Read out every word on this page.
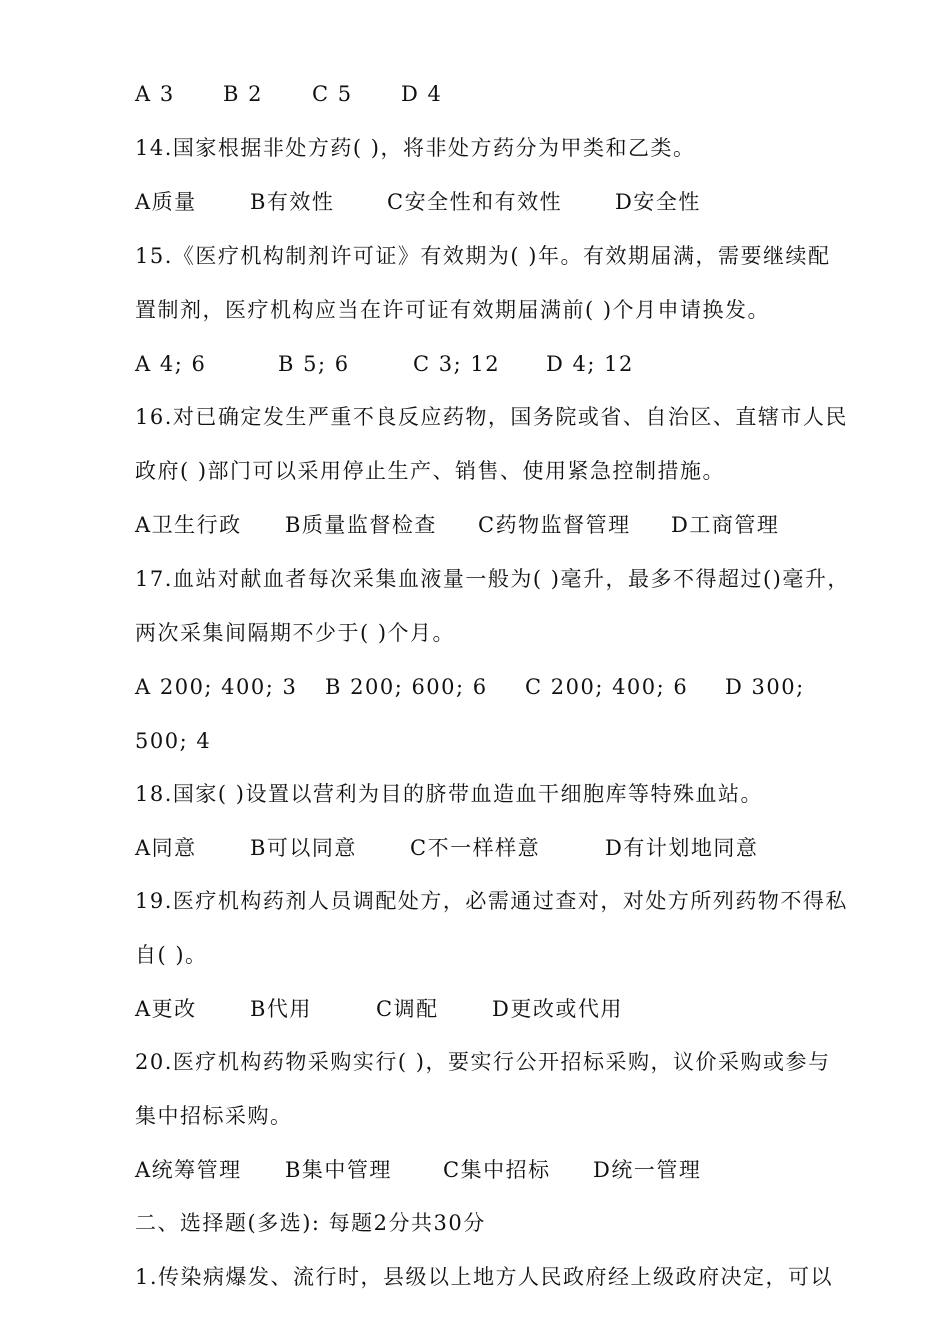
A 3 B 2 C 5 D 4
14.国家根据非处方药( )，将非处方药分为甲类和乙类。
A质量	B有效性	C安全性和有效性	D安全性
15.《医疗机构制剂许可证》有效期为( )年。有效期届满，需要继续配
置制剂，医疗机构应当在许可证有效期届满前( )个月申请换发。
A 4; 6	B 5; 6	C 3; 12 D 4; 12
16.对已确定发生严重不良反应药物，国务院或省、自治区、直辖市人民
政府( )部门可以采用停止生产、销售、使用紧急控制措施。
A卫生行政 B质量监督检查 C药物监督管理 D工商管理
17.血站对献血者每次采集血液量一般为( )毫升，最多不得超过()毫升，
两次采集间隔期不少于( )个月。
A 200; 400; 3 B 200; 600; 6 C 200; 400; 6 D 300;
500; 4
18.国家( )设置以营利为目的脐带血造血干细胞库等特殊血站。
A同意	B可以同意	C不一样样意	D有计划地同意
19.医疗机构药剂人员调配处方，必需通过查对，对处方所列药物不得私
自( )。
A更改	B代用	C调配	D更改或代用
20.医疗机构药物采购实行( )，要实行公开招标采购，议价采购或参与
集中招标采购。
A统筹管理 B集中管理 C集中招标 D统一管理
二、选择题(多选): 每题2分共30分
1.传染病爆发、流行时，县级以上地方人民政府经上级政府决定，可以
